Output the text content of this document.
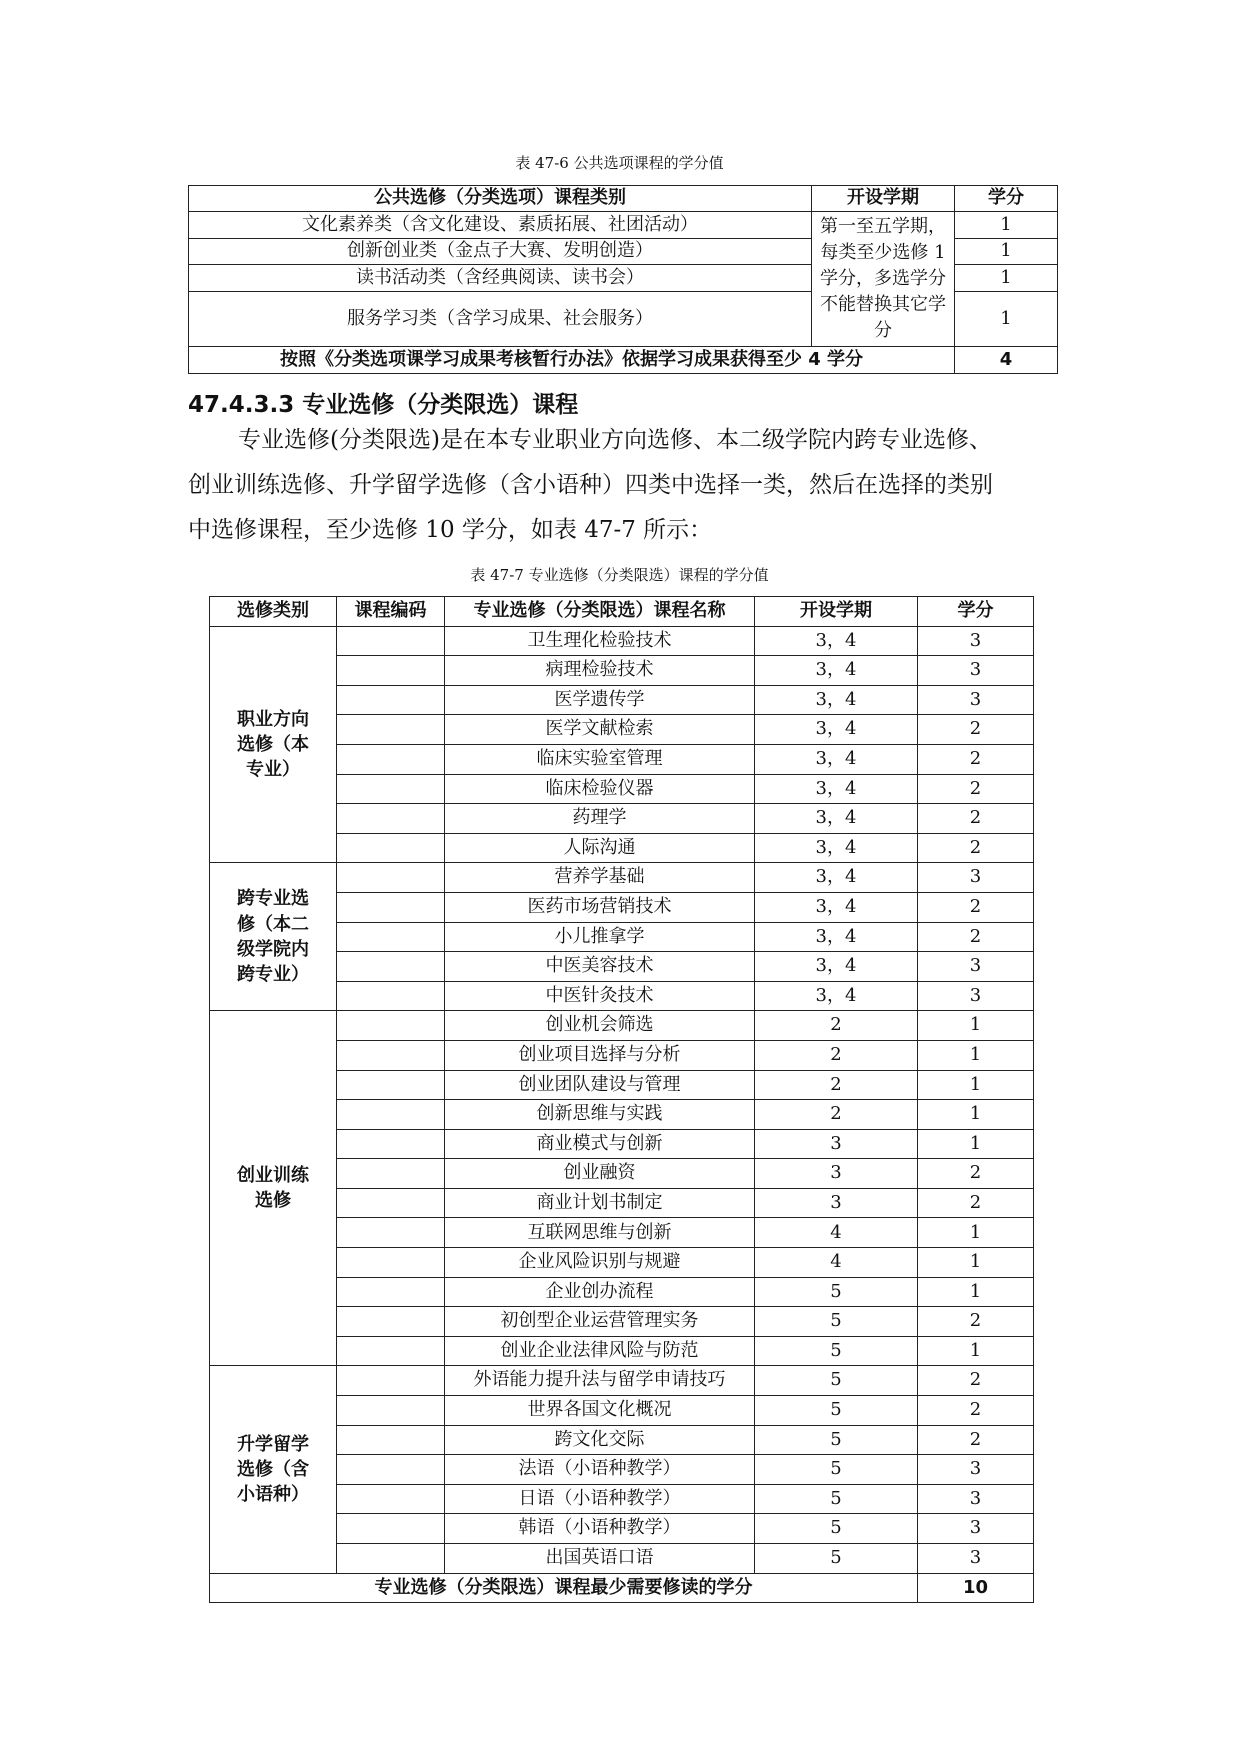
表 47-6 公共选项课程的学分值
公共选修（分类选项）课程类别	开设学期	学分
文化素养类（含文化建设、素质拓展、社团活动）	第一至五学期，每类至少选修 1 学分，多选学分不能替换其它学分	1
创新创业类（金点子大赛、发明创造）		1
读书活动类（含经典阅读、读书会）		1
服务学习类（含学习成果、社会服务）		1
按照《分类选项课学习成果考核暂行办法》依据学习成果获得至少 4 学分		4
47.4.3.3 专业选修（分类限选）课程

专业选修(分类限选)是在本专业职业方向选修、本二级学院内跨专业选修、

创业训练选修、升学留学选修（含小语种）四类中选择一类，然后在选择的类别

中选修课程，至少选修 10 学分，如表 47-7 所示：

表 47-7 专业选修（分类限选）课程的学分值
选修类别	课程编码	专业选修（分类限选）课程名称	开设学期	学分

职业方向选修（本专业）		卫生理化检验技术	3，4	3
		病理检验技术	3，4	3
		医学遗传学	3，4	3
		医学文献检索	3，4	2
		临床实验室管理	3，4	2
		临床检验仪器	3，4	2
		药理学	3，4	2
		人际沟通	3，4	2

跨专业选修（本二级学院内跨专业）		营养学基础	3，4	3
		医药市场营销技术	3，4	2
		小儿推拿学	3，4	2
		中医美容技术	3，4	3
		中医针灸技术	3，4	3

创业训练选修		创业机会筛选	2	1
		创业项目选择与分析	2	1
		创业团队建设与管理	2	1
		创新思维与实践	2	1
		商业模式与创新	3	1
		创业融资	3	2
		商业计划书制定	3	2
		互联网思维与创新	4	1
		企业风险识别与规避	4	1
		企业创办流程	5	1
		初创型企业运营管理实务	5	2
		创业企业法律风险与防范	5	1

升学留学选修（含小语种）		外语能力提升法与留学申请技巧	5	2
		世界各国文化概况	5	2
		跨文化交际	5	2
		法语（小语种教学）	5	3
		日语（小语种教学）	5	3
		韩语（小语种教学）	5	3
		出国英语口语	5	3
专业选修（分类限选）课程最少需要修读的学分				10
